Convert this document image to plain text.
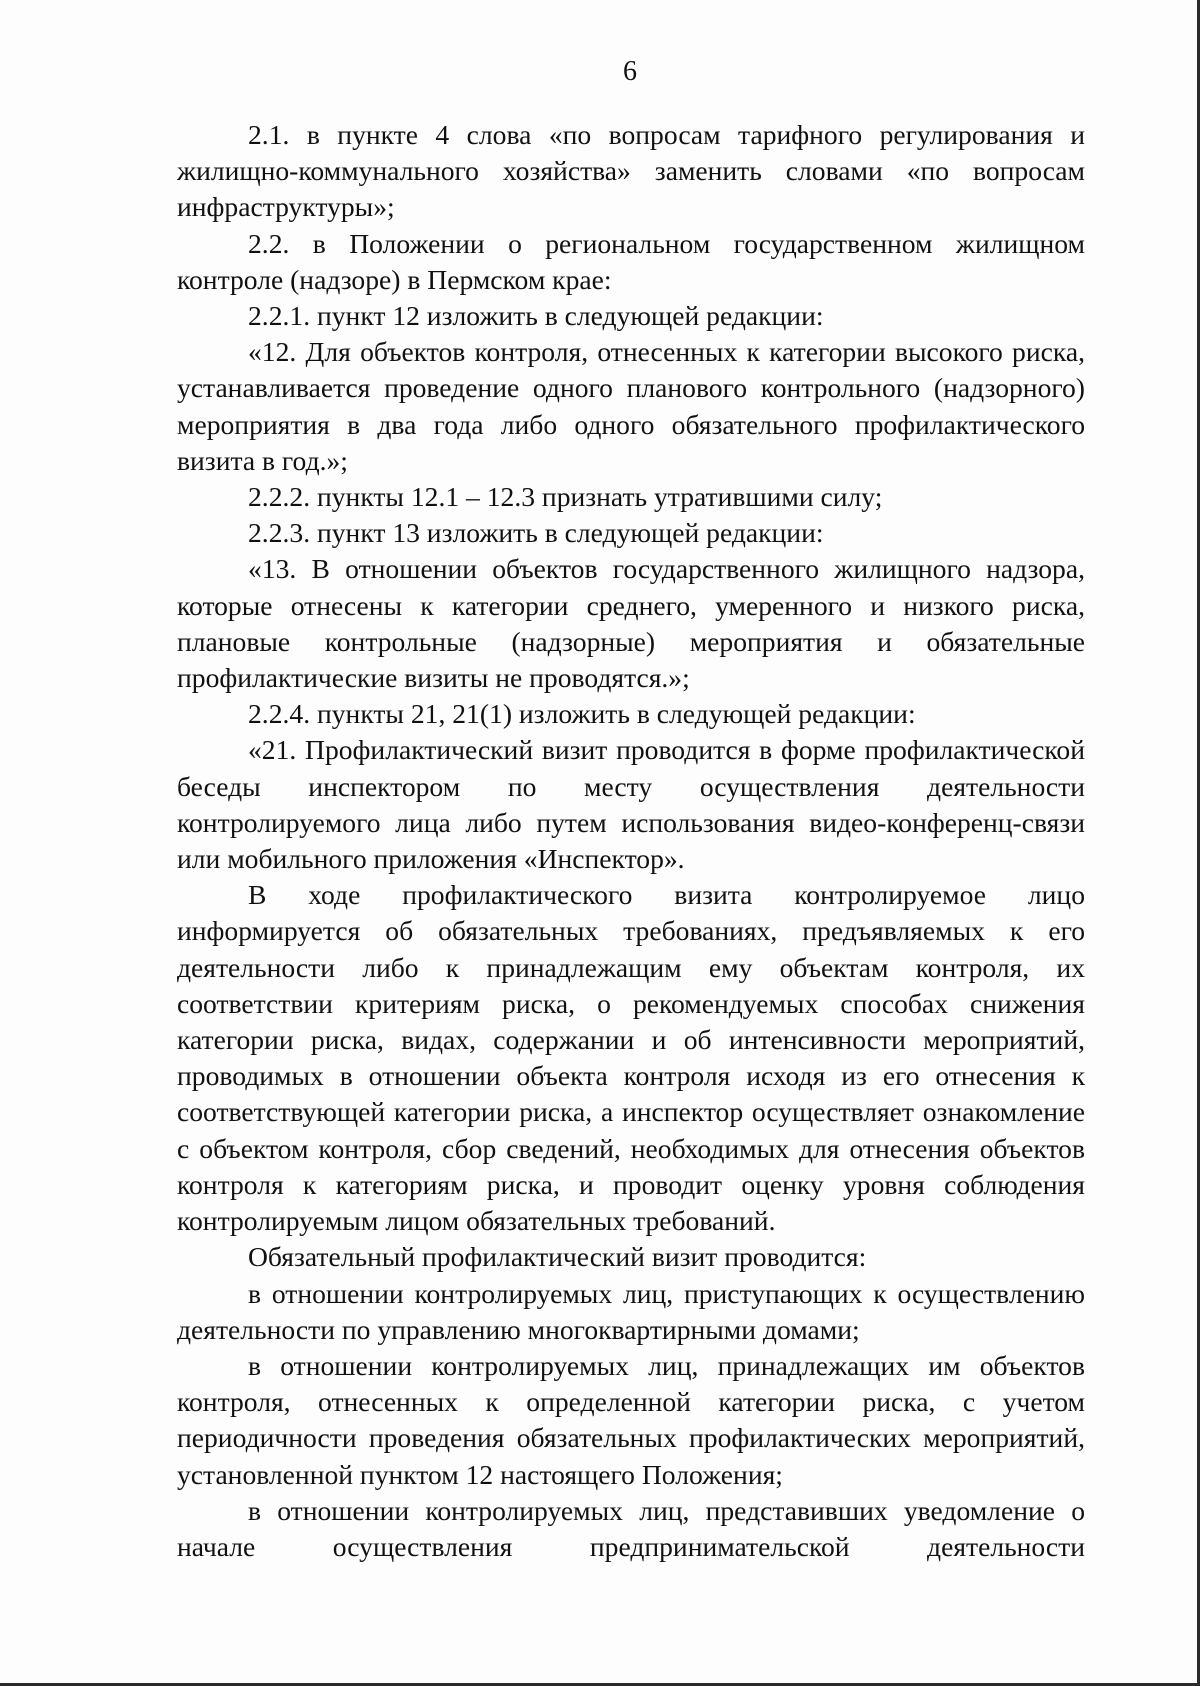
6

2.1. в пункте 4 слова «по вопросам тарифного регулирования и жилищно-коммунального хозяйства» заменить словами «по вопросам инфраструктуры»;

2.2. в Положении о региональном государственном жилищном контроле (надзоре) в Пермском крае:

2.2.1. пункт 12 изложить в следующей редакции:

«12. Для объектов контроля, отнесенных к категории высокого риска, устанавливается проведение одного планового контрольного (надзорного) мероприятия в два года либо одного обязательного профилактического визита в год.»;

2.2.2. пункты 12.1 – 12.3 признать утратившими силу;

2.2.3. пункт 13 изложить в следующей редакции:

«13. В отношении объектов государственного жилищного надзора, которые отнесены к категории среднего, умеренного и низкого риска, плановые контрольные (надзорные) мероприятия и обязательные профилактические визиты не проводятся.»;

2.2.4. пункты 21, 21(1) изложить в следующей редакции:

«21. Профилактический визит проводится в форме профилактической беседы инспектором по месту осуществления деятельности контролируемого лица либо путем использования видео-конференц-связи или мобильного приложения «Инспектор».

В ходе профилактического визита контролируемое лицо информируется об обязательных требованиях, предъявляемых к его деятельности либо к принадлежащим ему объектам контроля, их соответствии критериям риска, о рекомендуемых способах снижения категории риска, видах, содержании и об интенсивности мероприятий, проводимых в отношении объекта контроля исходя из его отнесения к соответствующей категории риска, а инспектор осуществляет ознакомление с объектом контроля, сбор сведений, необходимых для отнесения объектов контроля к категориям риска, и проводит оценку уровня соблюдения контролируемым лицом обязательных требований.

Обязательный профилактический визит проводится:

в отношении контролируемых лиц, приступающих к осуществлению деятельности по управлению многоквартирными домами;

в отношении контролируемых лиц, принадлежащих им объектов контроля, отнесенных к определенной категории риска, с учетом периодичности проведения обязательных профилактических мероприятий, установленной пунктом 12 настоящего Положения;

в отношении контролируемых лиц, представивших уведомление о начале осуществления предпринимательской деятельности
